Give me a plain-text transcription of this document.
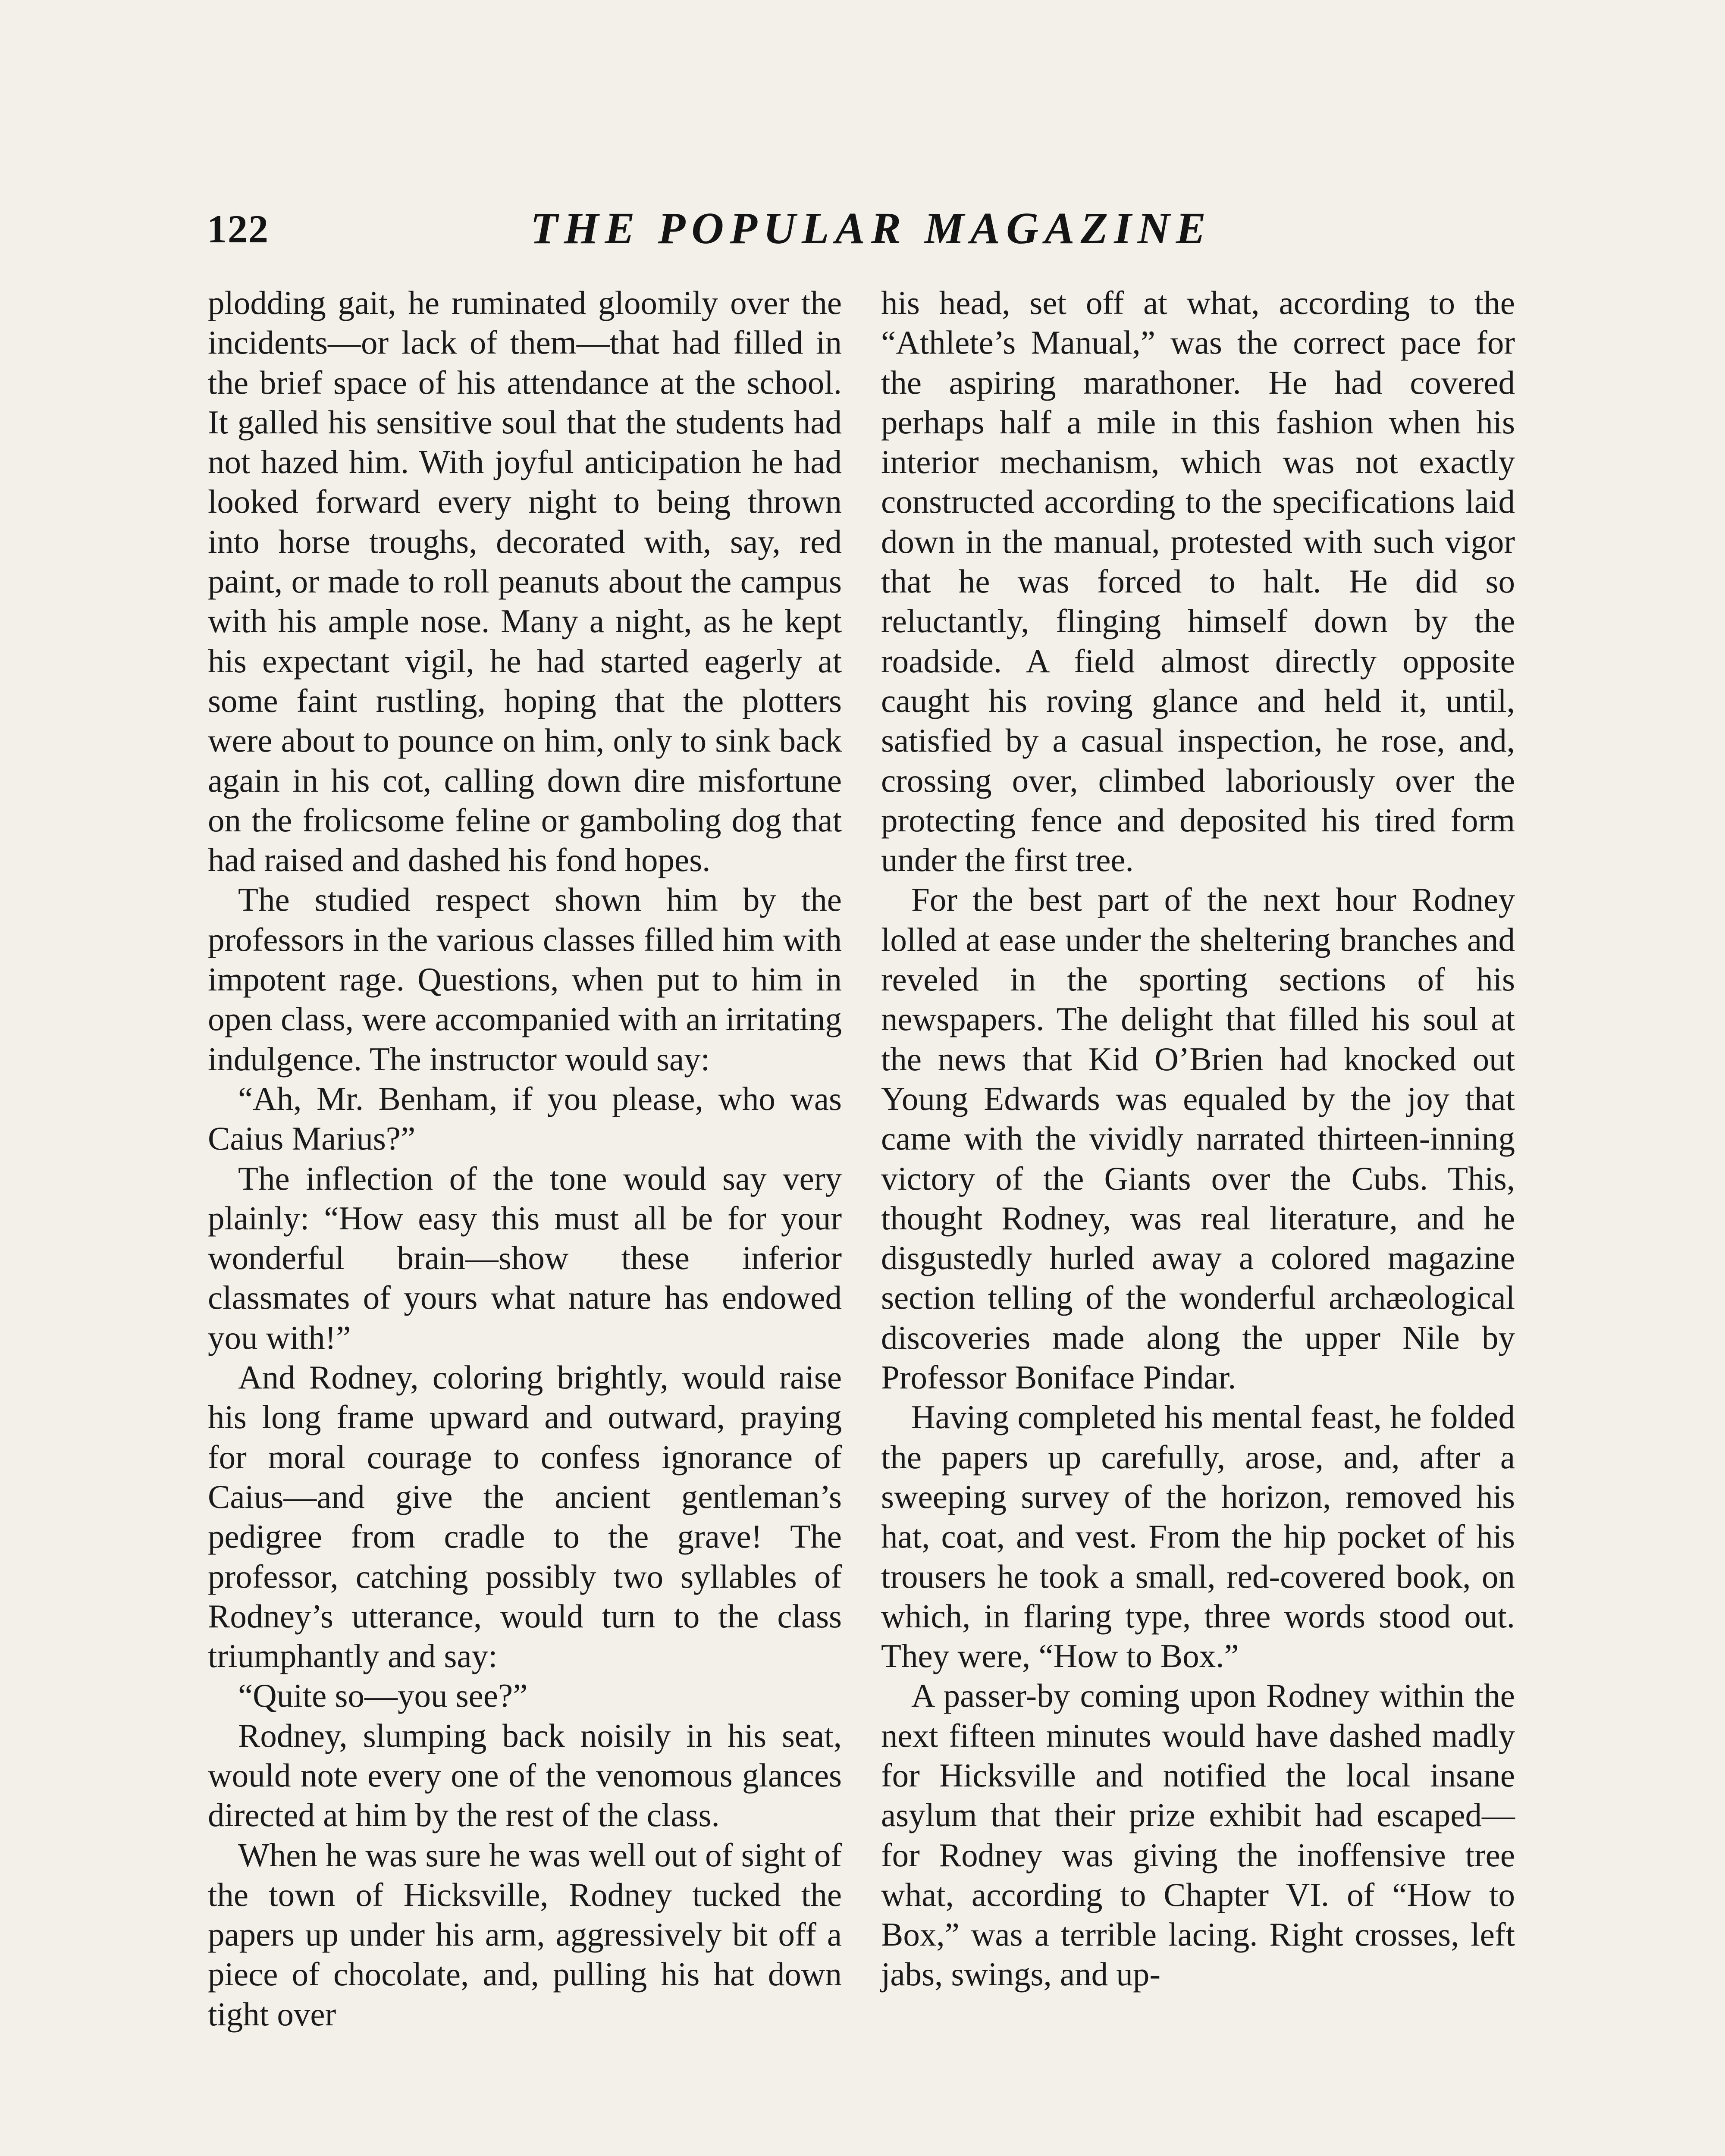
122	THE POPULAR MAGAZINE

plodding gait, he ruminated gloomily over the incidents—or lack of them—that had filled in the brief space of his attendance at the school. It galled his sensitive soul that the students had not hazed him. With joyful anticipation he had looked forward every night to being thrown into horse troughs, decorated with, say, red paint, or made to roll peanuts about the campus with his ample nose. Many a night, as he kept his expectant vigil, he had started eagerly at some faint rustling, hoping that the plotters were about to pounce on him, only to sink back again in his cot, calling down dire misfortune on the frolicsome feline or gamboling dog that had raised and dashed his fond hopes.

The studied respect shown him by the professors in the various classes filled him with impotent rage. Questions, when put to him in open class, were accompanied with an irritating indulgence. The instructor would say:

“Ah, Mr. Benham, if you please, who was Caius Marius?”

The inflection of the tone would say very plainly: “How easy this must all be for your wonderful brain—show these inferior classmates of yours what nature has endowed you with!”

And Rodney, coloring brightly, would raise his long frame upward and outward, praying for moral courage to confess ignorance of Caius—and give the ancient gentleman’s pedigree from cradle to the grave! The professor, catching possibly two syllables of Rodney’s utterance, would turn to the class triumphantly and say:

“Quite so—you see?”

Rodney, slumping back noisily in his seat, would note every one of the venomous glances directed at him by the rest of the class.

When he was sure he was well out of sight of the town of Hicksville, Rodney tucked the papers up under his arm, aggressively bit off a piece of chocolate, and, pulling his hat down tight over

his head, set off at what, according to the “Athlete’s Manual,” was the correct pace for the aspiring marathoner. He had covered perhaps half a mile in this fashion when his interior mechanism, which was not exactly constructed according to the specifications laid down in the manual, protested with such vigor that he was forced to halt. He did so reluctantly, flinging himself down by the roadside. A field almost directly opposite caught his roving glance and held it, until, satisfied by a casual inspection, he rose, and, crossing over, climbed laboriously over the protecting fence and deposited his tired form under the first tree.

For the best part of the next hour Rodney lolled at ease under the sheltering branches and reveled in the sporting sections of his newspapers. The delight that filled his soul at the news that Kid O’Brien had knocked out Young Edwards was equaled by the joy that came with the vividly narrated thirteen-inning victory of the Giants over the Cubs. This, thought Rodney, was real literature, and he disgustedly hurled away a colored magazine section telling of the wonderful archæological discoveries made along the upper Nile by Professor Boniface Pindar.

Having completed his mental feast, he folded the papers up carefully, arose, and, after a sweeping survey of the horizon, removed his hat, coat, and vest. From the hip pocket of his trousers he took a small, red-covered book, on which, in flaring type, three words stood out. They were, “How to Box.”

A passer-by coming upon Rodney within the next fifteen minutes would have dashed madly for Hicksville and notified the local insane asylum that their prize exhibit had escaped—for Rodney was giving the inoffensive tree what, according to Chapter VI. of “How to Box,” was a terrible lacing. Right crosses, left jabs, swings, and up-
